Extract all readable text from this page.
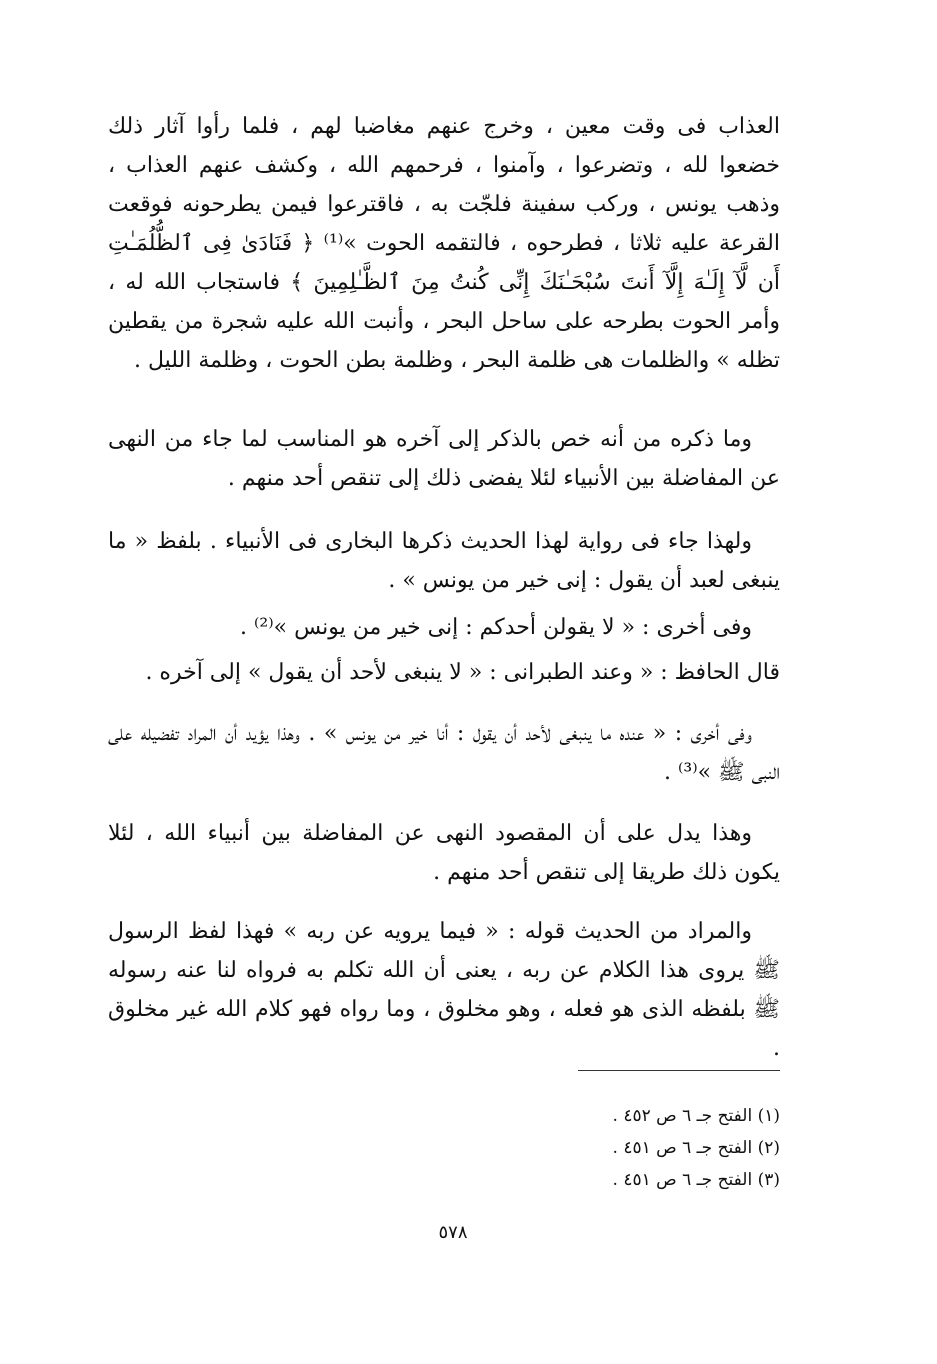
العذاب فى وقت معين ، وخرج عنهم مغاضبا لهم ، فلما رأوا آثار ذلك خضعوا لله ، وتضرعوا ، وآمنوا ، فرحمهم الله ، وكشف عنهم العذاب ، وذهب يونس ، وركب سفينة فلجّت به ، فاقترعوا فيمن يطرحونه فوقعت القرعة عليه ثلاثا ، فطرحوه ، فالتقمه الحوت »⁽¹⁾ ﴿ فَنَادَىٰ فِى ٱلظُّلُمَـٰتِ أَن لَّآ إِلَـٰهَ إِلَّآ أَنتَ سُبْحَـٰنَكَ إِنِّى كُنتُ مِنَ ٱلظَّـٰلِمِينَ ﴾ فاستجاب الله له ، وأمر الحوت بطرحه على ساحل البحر ، وأنبت الله عليه شجرة من يقطين تظله » والظلمات هى ظلمة البحر ، وظلمة بطن الحوت ، وظلمة الليل .

وما ذكره من أنه خص بالذكر إلى آخره هو المناسب لما جاء من النهى عن المفاضلة بين الأنبياء لئلا يفضى ذلك إلى تنقص أحد منهم .

ولهذا جاء فى رواية لهذا الحديث ذكرها البخارى فى الأنبياء . بلفظ « ما ينبغى لعبد أن يقول : إنى خير من يونس » .

وفى أخرى : « لا يقولن أحدكم : إنى خير من يونس »⁽²⁾ .

قال الحافظ : « وعند الطبرانى : « لا ينبغى لأحد أن يقول » إلى آخره .

وفى أخرى : « عنده ما ينبغى لأحد أن يقول : أنا خير من يونس » . وهذا يؤيد أن المراد تفضيله على النبى ﷺ »⁽³⁾ .

وهذا يدل على أن المقصود النهى عن المفاضلة بين أنبياء الله ، لئلا يكون ذلك طريقا إلى تنقص أحد منهم .

والمراد من الحديث قوله : « فيما يرويه عن ربه » فهذا لفظ الرسول ﷺ يروى هذا الكلام عن ربه ، يعنى أن الله تكلم به فرواه لنا عنه رسوله ﷺ بلفظه الذى هو فعله ، وهو مخلوق ، وما رواه فهو كلام الله غير مخلوق .

(١) الفتح جـ ٦ ص ٤٥٢ .
(٢) الفتح جـ ٦ ص ٤٥١ .
(٣) الفتح جـ ٦ ص ٤٥١ .
٥٧٨
